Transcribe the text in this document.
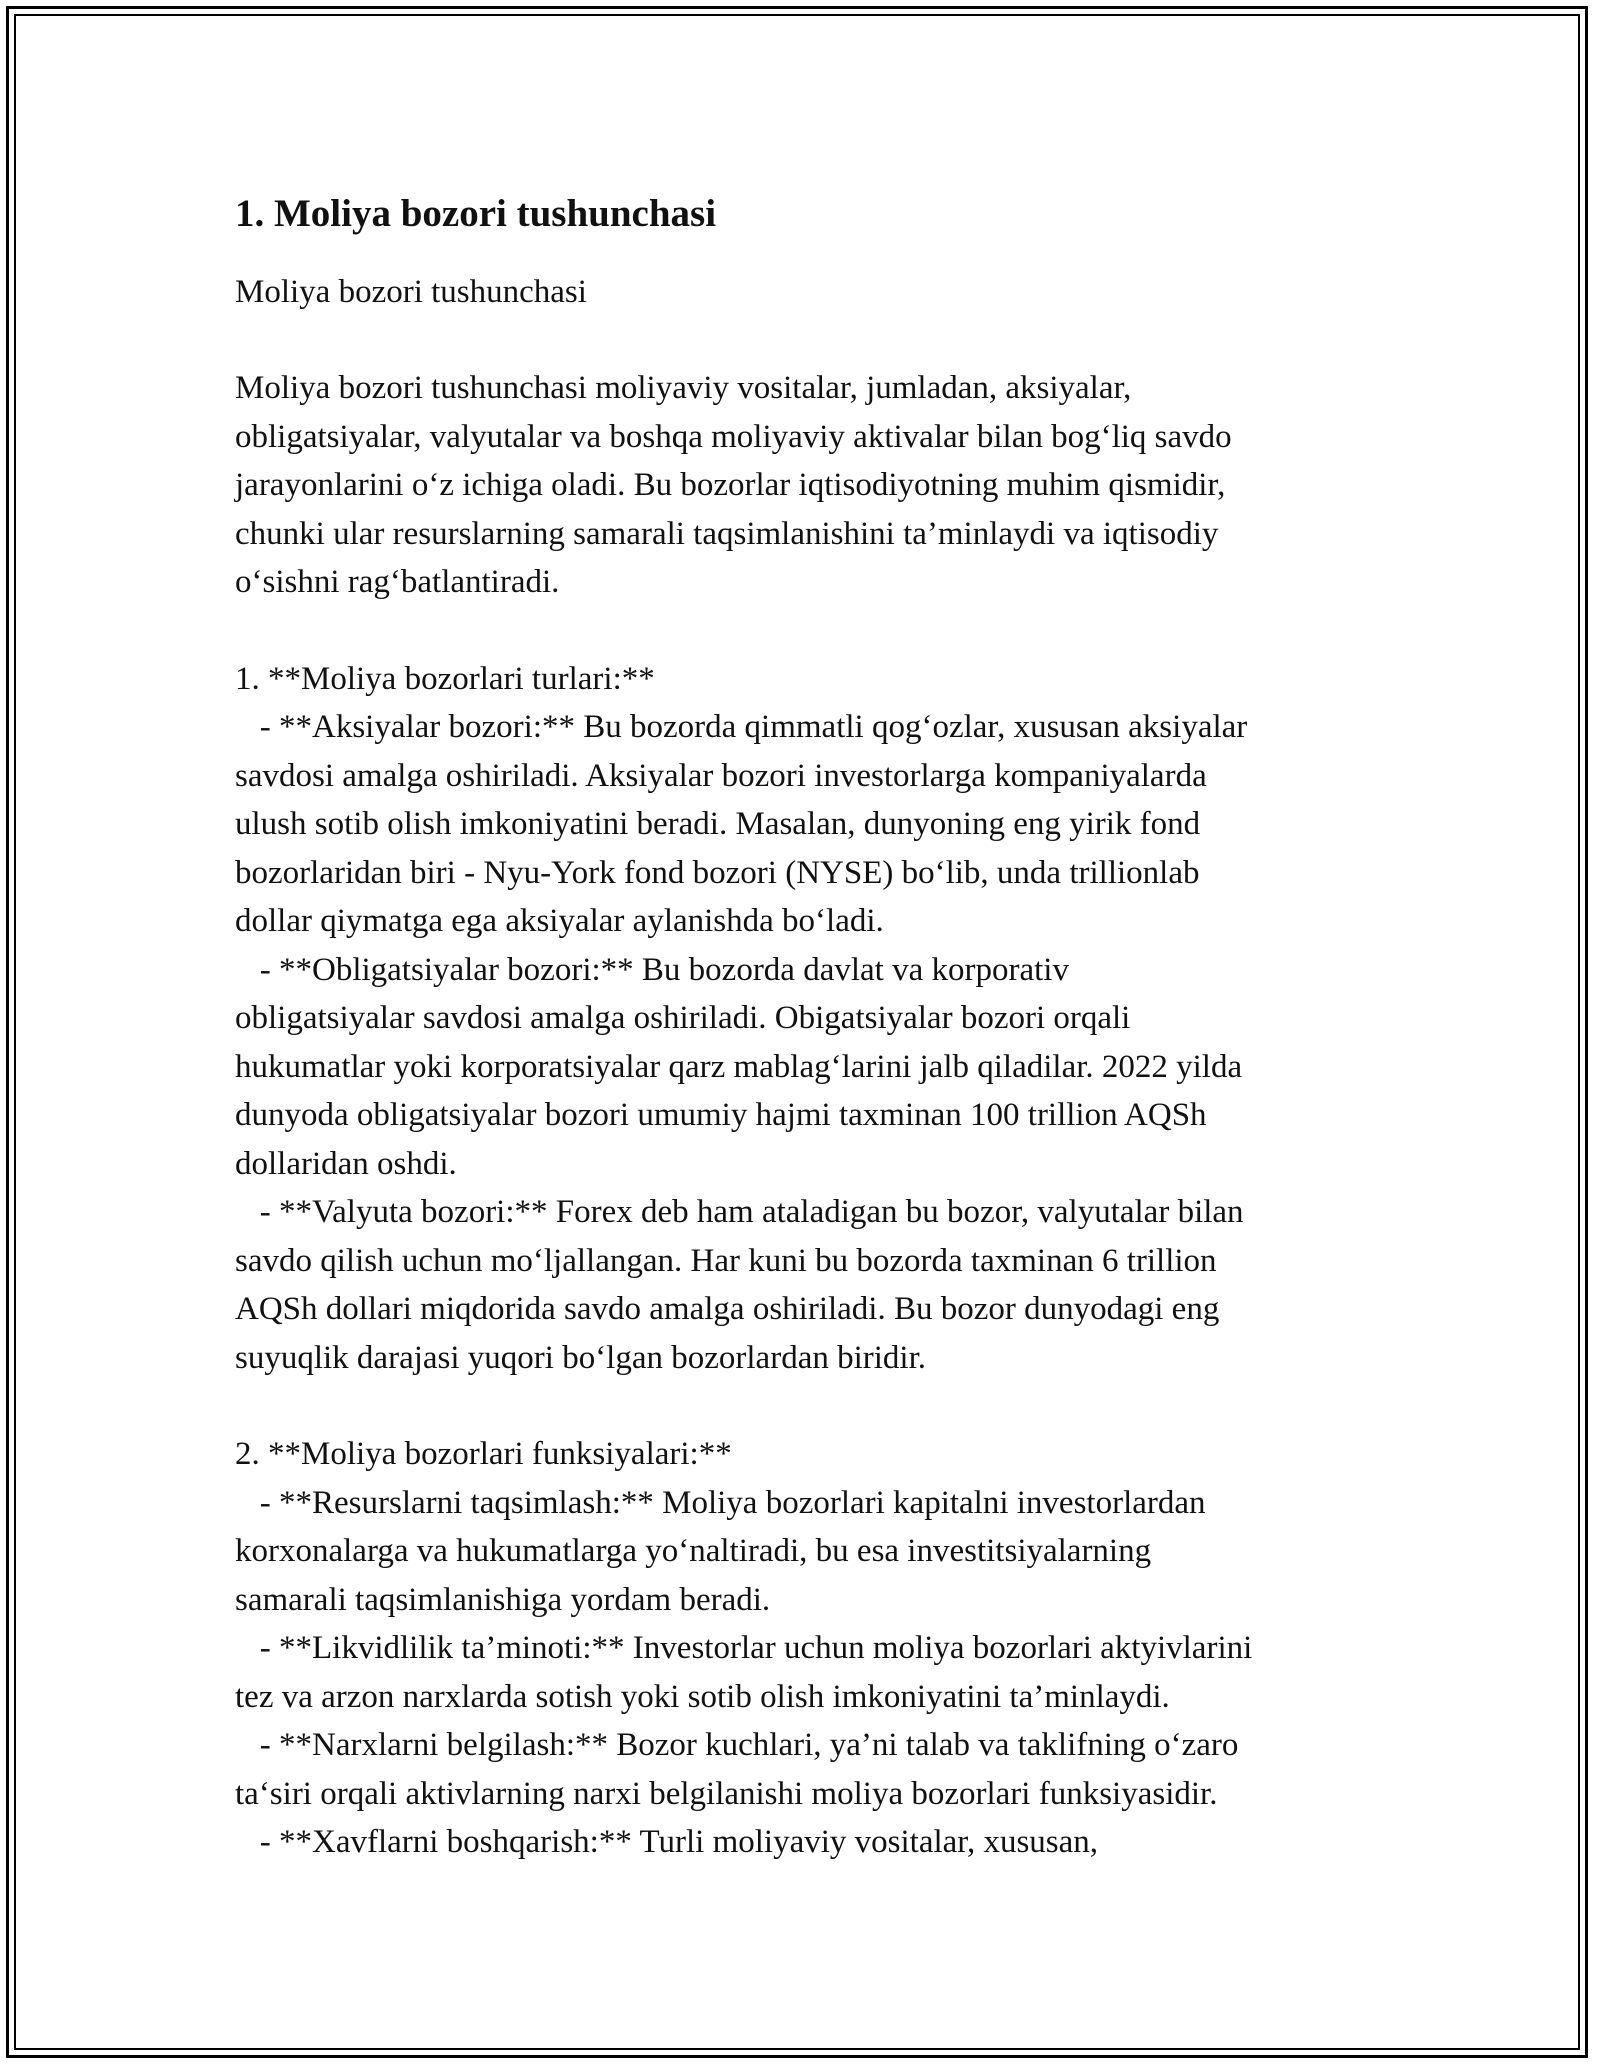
1. Moliya bozori tushunchasi

Moliya bozori tushunchasi

Moliya bozori tushunchasi moliyaviy vositalar, jumladan, aksiyalar,
obligatsiyalar, valyutalar va boshqa moliyaviy aktivalar bilan bog‘liq savdo
jarayonlarini o‘z ichiga oladi. Bu bozorlar iqtisodiyotning muhim qismidir,
chunki ular resurslarning samarali taqsimlanishini ta’minlaydi va iqtisodiy
o‘sishni rag‘batlantiradi.

1. **Moliya bozorlari turlari:**
- **Aksiyalar bozori:** Bu bozorda qimmatli qog‘ozlar, xususan aksiyalar
savdosi amalga oshiriladi. Aksiyalar bozori investorlarga kompaniyalarda
ulush sotib olish imkoniyatini beradi. Masalan, dunyoning eng yirik fond
bozorlaridan biri - Nyu-York fond bozori (NYSE) bo‘lib, unda trillionlab
dollar qiymatga ega aksiyalar aylanishda bo‘ladi.
- **Obligatsiyalar bozori:** Bu bozorda davlat va korporativ
obligatsiyalar savdosi amalga oshiriladi. Obigatsiyalar bozori orqali
hukumatlar yoki korporatsiyalar qarz mablag‘larini jalb qiladilar. 2022 yilda
dunyoda obligatsiyalar bozori umumiy hajmi taxminan 100 trillion AQSh
dollaridan oshdi.
- **Valyuta bozori:** Forex deb ham ataladigan bu bozor, valyutalar bilan
savdo qilish uchun mo‘ljallangan. Har kuni bu bozorda taxminan 6 trillion
AQSh dollari miqdorida savdo amalga oshiriladi. Bu bozor dunyodagi eng
suyuqlik darajasi yuqori bo‘lgan bozorlardan biridir.

2. **Moliya bozorlari funksiyalari:**
- **Resurslarni taqsimlash:** Moliya bozorlari kapitalni investorlardan
korxonalarga va hukumatlarga yo‘naltiradi, bu esa investitsiyalarning
samarali taqsimlanishiga yordam beradi.
- **Likvidlilik ta’minoti:** Investorlar uchun moliya bozorlari aktyivlarini
tez va arzon narxlarda sotish yoki sotib olish imkoniyatini ta’minlaydi.
- **Narxlarni belgilash:** Bozor kuchlari, ya’ni talab va taklifning o‘zaro
ta‘siri orqali aktivlarning narxi belgilanishi moliya bozorlari funksiyasidir.
- **Xavflarni boshqarish:** Turli moliyaviy vositalar, xususan,
